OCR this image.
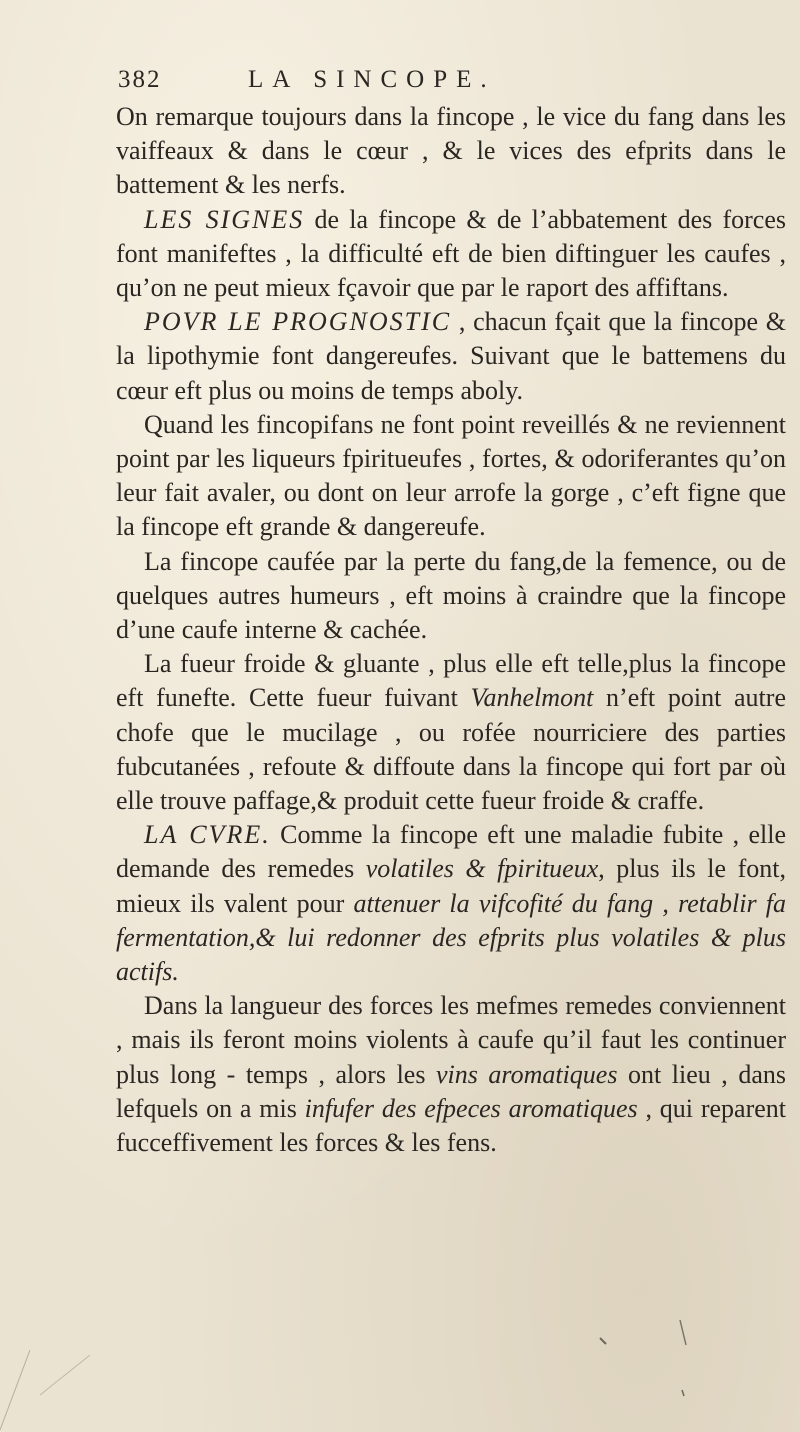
382	LA SINCOPE.

On remarque toujours dans la fincope , le vice du fang dans les vaiffeaux & dans le cœur , & le vices des efprits dans le battement & les nerfs.

LES SIGNES de la fincope & de l’abbatement des forces font manifeftes , la difficulté eft de bien diftinguer les caufes , qu’on ne peut mieux fçavoir que par le raport des affiftans.

POVR LE PROGNOSTIC , chacun fçait que la fincope & la lipothymie font dangereufes. Suivant que le battemens du cœur eft plus ou moins de temps aboly.

Quand les fincopifans ne font point reveillés & ne reviennent point par les liqueurs fpiritueufes , fortes, & odoriferantes qu’on leur fait avaler, ou dont on leur arrofe la gorge , c’eft figne que la fincope eft grande & dangereufe.

La fincope caufée par la perte du fang,de la femence, ou de quelques autres humeurs , eft moins à craindre que la fincope d’une caufe interne & cachée.

La fueur froide & gluante , plus elle eft telle,plus la fincope eft funefte. Cette fueur fuivant Vanhelmont n’eft point autre chofe que le mucilage , ou rofée nourriciere des parties fubcutanées , refoute & diffoute dans la fincope qui fort par où elle trouve paffage,& produit cette fueur froide & craffe.

LA CVRE. Comme la fincope eft une maladie fubite , elle demande des remedes volatiles & fpiritueux, plus ils le font, mieux ils valent pour attenuer la vifcofité du fang , retablir fa fermentation,& lui redonner des efprits plus volatiles & plus actifs.

Dans la langueur des forces les mefmes remedes conviennent , mais ils feront moins violents à caufe qu’il faut les continuer plus long - temps , alors les vins aromatiques ont lieu , dans lefquels on a mis infufer des efpeces aromatiques , qui reparent fucceffivement les forces & les fens.
